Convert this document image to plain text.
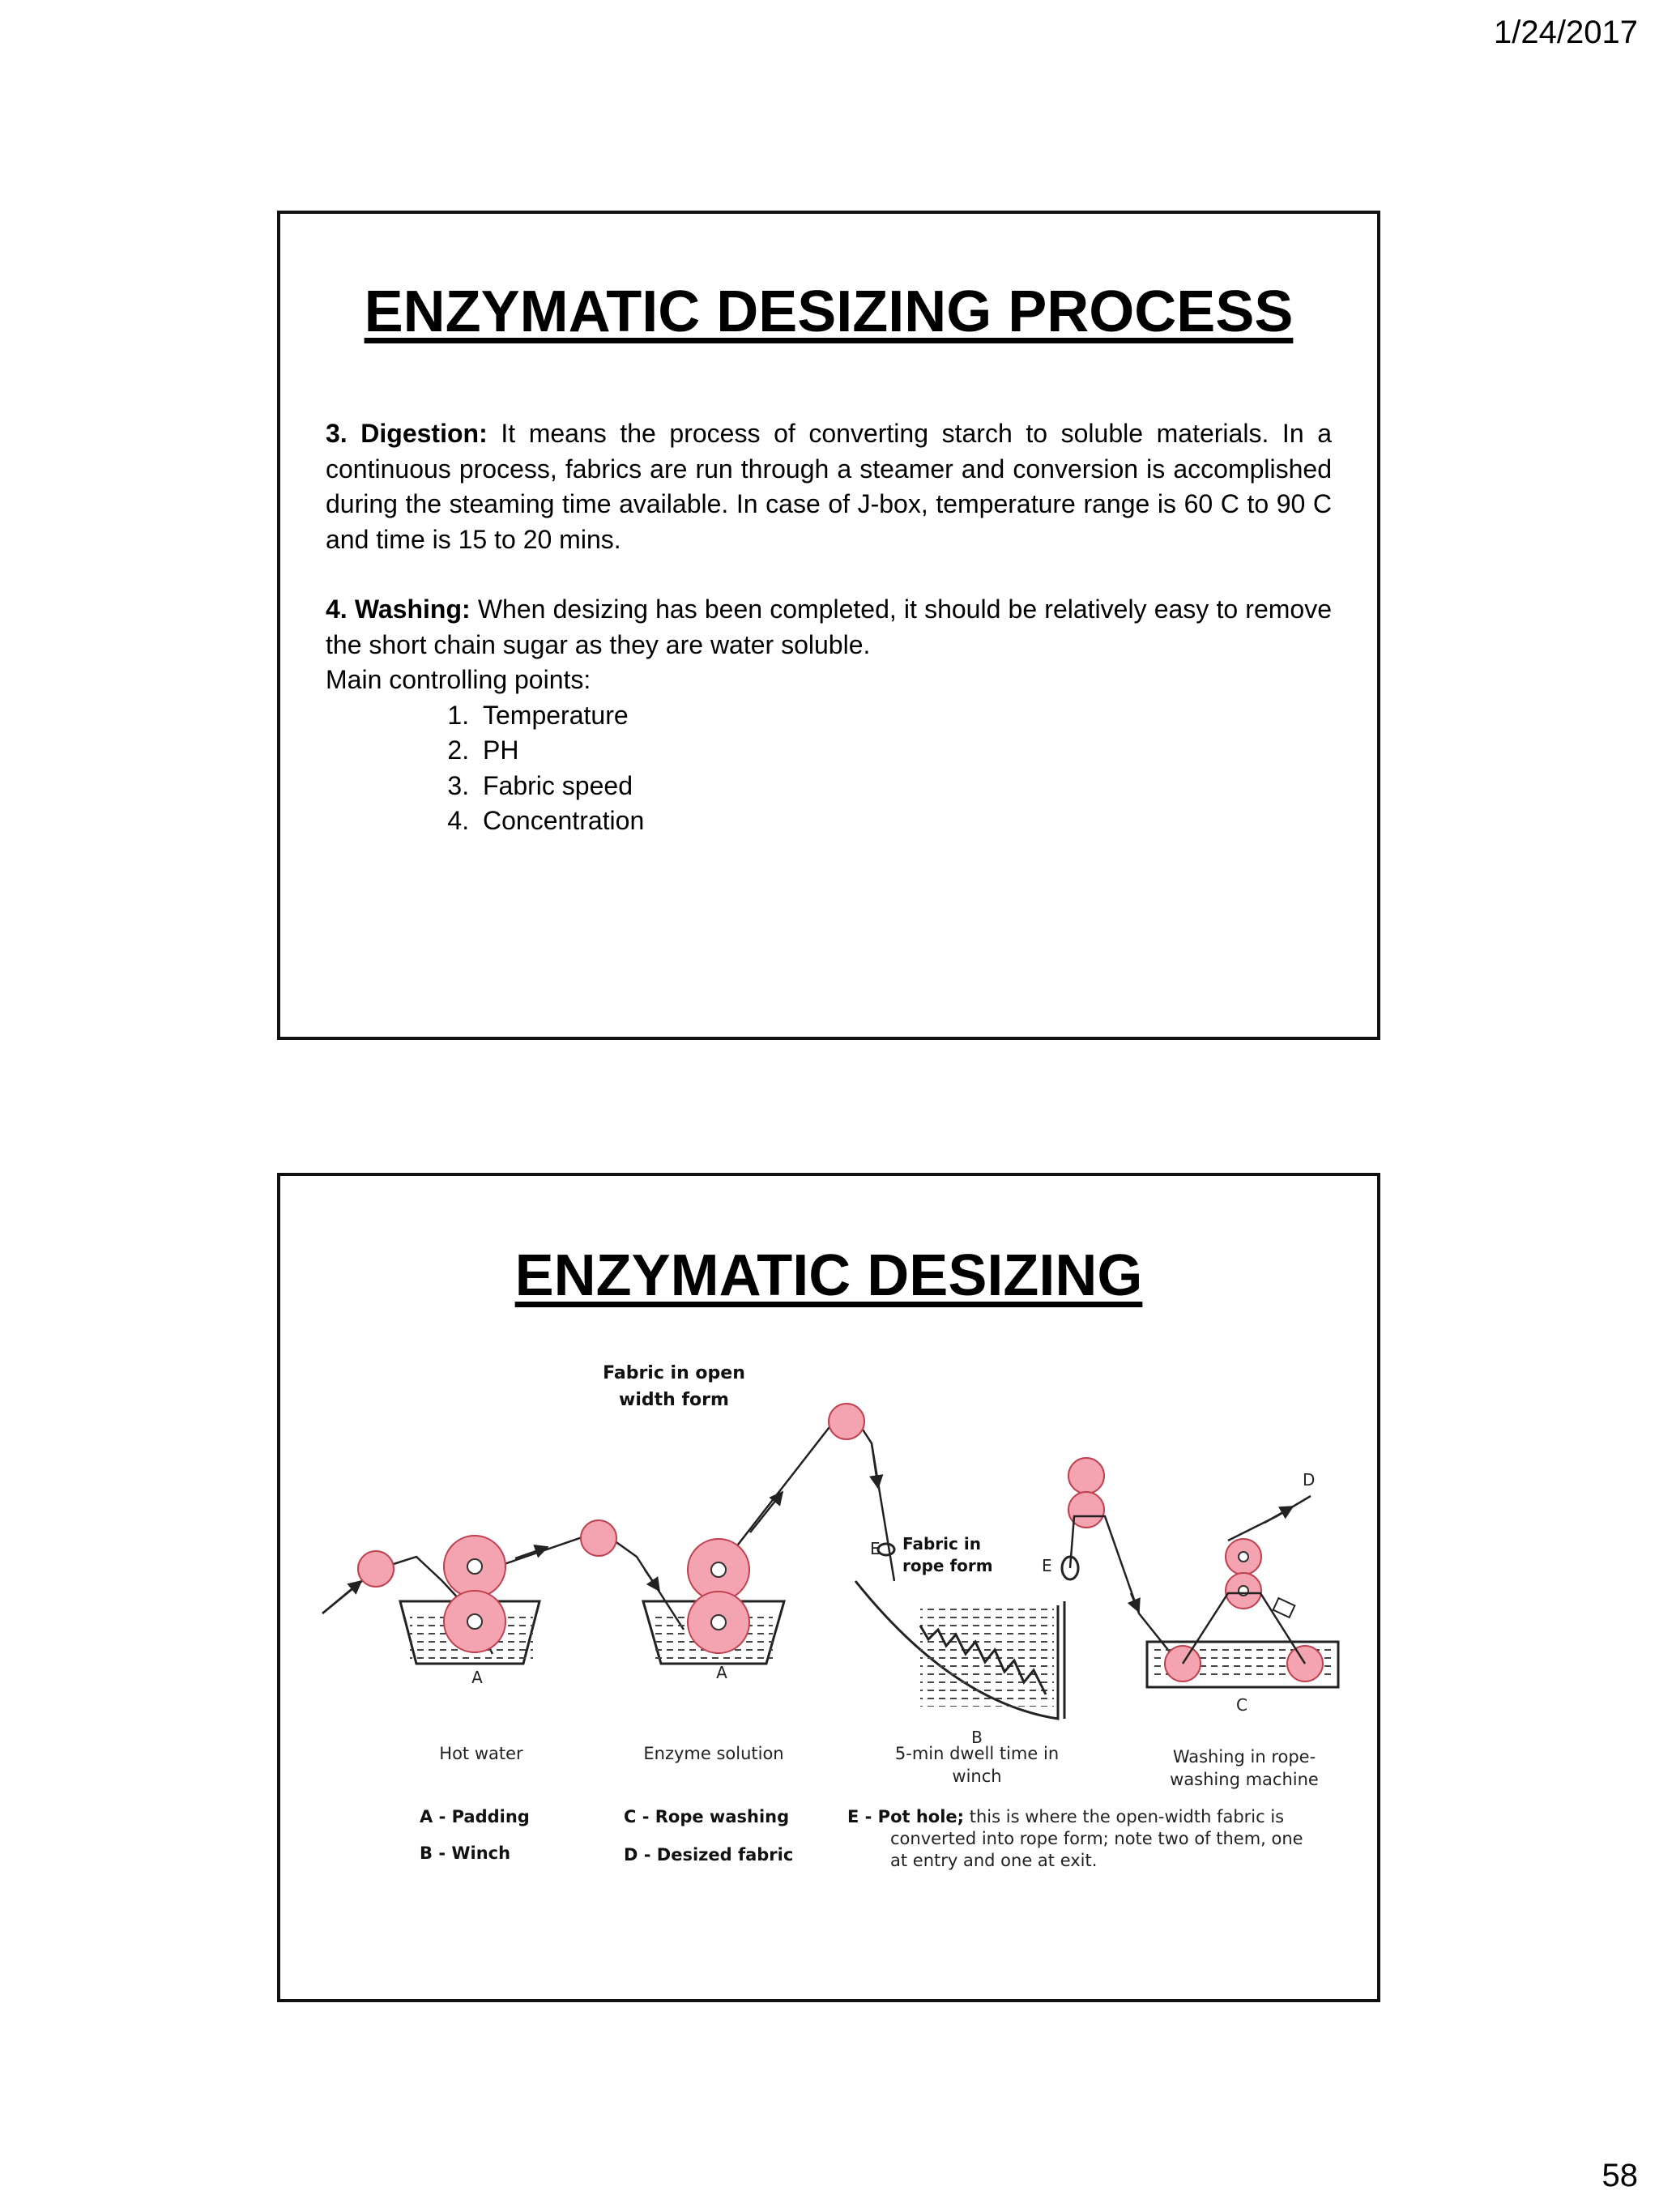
1/24/2017
ENZYMATIC DESIZING PROCESS

3. Digestion: It means the process of converting starch to soluble materials. In a continuous process, fabrics are run through a steamer and conversion is accomplished during the steaming time available. In case of J-box, temperature range is 60 C to 90 C and time is 15 to 20 mins.

4. Washing: When desizing has been completed, it should be relatively easy to remove the short chain sugar as they are water soluble.

Main controlling points:

1. Temperature
2. PH
3. Fabric speed
4. Concentration
ENZYMATIC DESIZING
Fabric in open
width form
A	A
E
E
Fabric in
rope form
B
D
C
Hot water	Enzyme solution	5-min dwell time in
winch
Washing in rope-
washing machine
A - Padding
B - Winch
C - Rope washing
D - Desized fabric
E - Pot hole; this is where the open-width fabric is
converted into rope form; note two of them, one
at entry and one at exit.
58
